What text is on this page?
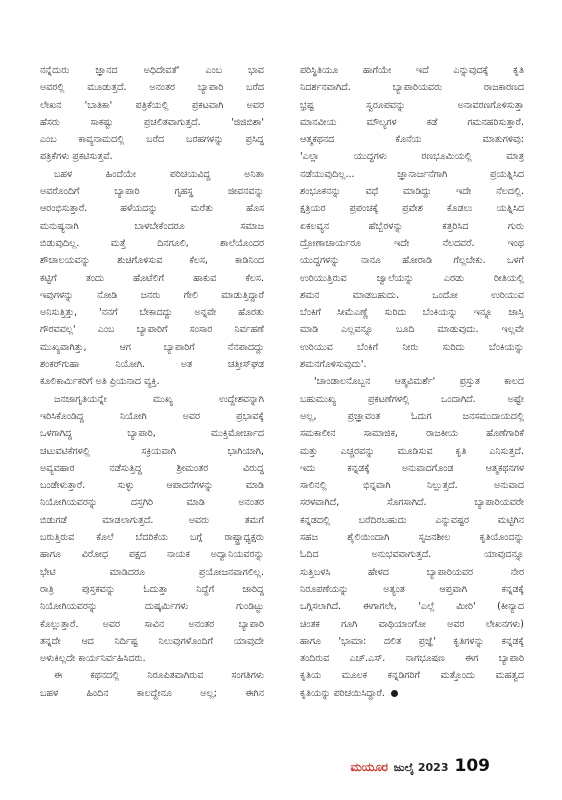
ನನ್ನೆದುರು ಜ್ಞಾನದ ಅಧಿದೇವತೆ' ಎಂಬ ಭಾವ
ಅವರಲ್ಲಿ ಮೂಡುತ್ತದೆ. ಅನಂತರ ಬ್ಯಾಪಾರಿ ಬರೆದ
ಲೇಖನ 'ಬಾತಿಕಾ' ಪತ್ರಿಕೆಯಲ್ಲಿ ಪ್ರಕಟವಾಗಿ ಅವರ
ಹೆಸರು ಸಾಕಷ್ಟು ಪ್ರಚಲಿತವಾಗುತ್ತದೆ. 'ಜಿಜಿಬಿಶಾ'
ಎಂಬ ಕಾವ್ಯನಾಮದಲ್ಲಿ ಬರೆದ ಬರಹಗಳನ್ನು ಪ್ರಸಿದ್ಧ
ಪತ್ರಿಕೆಗಳು ಪ್ರಕಟಿಸುತ್ತವೆ.
ಬಹಳ ಹಿಂದೆಯೇ ಪರಿಚಯವಿದ್ದ ಅನಿತಾ
ಅವರೊಂದಿಗೆ ಬ್ಯಾಪಾರಿ ಗೃಹಸ್ಥ ಜೀವನವನ್ನು
ಆರಂಭಿಸುತ್ತಾರೆ. ಹಳೆಯದನ್ನು ಮರೆತು ಹೊಸ
ಮನುಷ್ಯನಾಗಿ ಬಾಳಬೇಕೆಂದರೂ ಸಮಾಜ
ಬಿಡುವುದಿಲ್ಲ. ಮತ್ತೆ ದಿನಗೂಲಿ, ಶಾಲೆಯೊಂದರ
ಶೌಚಾಲಯವನ್ನು ಶುಚಿಗೊಳಿಸುವ ಕೆಲಸ, ಕಾಡಿನಿಂದ
ಕಟ್ಟಿಗೆ ತಂದು ಹೊಟೆಲಿಗೆ ಹಾಕುವ ಕೆಲಸ.
ಇವುಗಳನ್ನು ನೋಡಿ ಜನರು ಗೇಲಿ ಮಾಡುತ್ತಿದ್ದಾರೆ
ಅನಿಸುತ್ತಿತ್ತು, 'ನನಗೆ ಬೇಕಾದದ್ದು ಅನ್ನವೇ ಹೊರತು
ಗೌರವವಲ್ಲ' ಎಂಬ ಬ್ಯಾಪಾರಿಗೆ ಸಂಸಾರ ನಿರ್ವಹಣೆ
ಮುಖ್ಯವಾಗಿತ್ತು, ಆಗ ಬ್ಯಾಪಾರಿಗೆ ನೆನಪಾದದ್ದು
ಶಂಕರ್‌ಗುಹಾ ನಿಯೋಗಿ. ಅತ ಚತ್ತೀಸ್‌ಘಡ
ಕೂಲಿಕಾರ್ಮಿಕರಿಗೆ ಅತಿ ಪ್ರಿಯನಾದ ವ್ಯಕ್ತಿ.
ಜನಜಾಗೃತಿಯನ್ನೇ ಮುಖ್ಯ ಉದ್ದೇಶವನ್ನಾಗಿ
ಇರಿಸಿಕೊಂಡಿದ್ದ ನಿಯೋಗಿ ಅವರ ಪ್ರಭಾವಕ್ಕೆ
ಒಳಗಾಗಿದ್ದ ಬ್ಯಾಪಾರಿ, ಮುಕ್ತಿಮೋರ್ಚಾದ
ಚಟುವಟಿಕೆಗಳಲ್ಲಿ ಸಕ್ರಿಯವಾಗಿ ಭಾಗಿಯಾಗಿ,
ಅವ್ಯವಹಾರ ನಡೆಸುತ್ತಿದ್ದ ಶ್ರೀಮಂತರ ವಿರುದ್ಧ
ಬಂಡೇಳುತ್ತಾರೆ. ಸುಳ್ಳು ಆಪಾದನೆಗಳನ್ನು ಮಾಡಿ
ನಿಯೋಗಿಯವರನ್ನು ದಸ್ತಗಿರಿ ಮಾಡಿ ಅನಂತರ
ಬಿಡುಗಡೆ ಮಾಡಲಾಗುತ್ತದೆ. ಅವರು ತಮಗೆ
ಬರುತ್ತಿರುವ ಕೊಲೆ ಬೆದರಿಕೆಯ ಬಗ್ಗೆ ರಾಷ್ಟ್ರಾಧ್ಯಕ್ಷರು
ಹಾಗೂ ವಿರೋಧ ಪಕ್ಷದ ನಾಯಕ ಅದ್ವಾನಿಯವರನ್ನು
ಭೇಟಿ ಮಾಡಿದರೂ ಪ್ರಯೋಜನವಾಗಲಿಲ್ಲ.
ರಾತ್ರಿ ಪುಸ್ತಕವನ್ನು ಓದುತ್ತಾ ನಿದ್ದೆಗೆ ಜಾರಿದ್ದ
ನಿಯೋಗಿಯವರನ್ನು ದುಷ್ಕರ್ಮಿಗಳು ಗುಂಡಿಟ್ಟು
ಕೊಲ್ಲುತ್ತಾರೆ. ಅವರ ಸಾವಿನ ಅನಂತರ ಬ್ಯಾಪಾರಿ
ತನ್ನದೇ ಆದ ನಿರ್ದಿಷ್ಟ ನಿಲುವುಗಳೊಂದಿಗೆ ಯಾವುದೇ
ಅಳುಕಿಲ್ಲದೇ ಕಾರ್ಯನಿರ್ವಹಿಸಿದರು.
ಈ ಕಥನದಲ್ಲಿ ನಿರೂಪಿತವಾಗಿರುವ ಸಂಗತಿಗಳು
ಬಹಳ ಹಿಂದಿನ ಕಾಲದ್ದೇನೂ ಅಲ್ಲ; ಈಗಿನ
ಪರಿಸ್ಥಿತಿಯೂ ಹಾಗೆಯೇ ಇದೆ ಎನ್ನುವುದಕ್ಕೆ ಕೃತಿ
ನಿದರ್ಶನವಾಗಿದೆ. ಬ್ಯಾಪಾರಿಯವರು ರಾಜಕಾರಣದ
ಭ್ರಷ್ಟ ಸ್ವರೂಪವನ್ನು ಅನಾವರಣಗೊಳಿಸುತ್ತಾ
ಮಾನವೀಯ ಮೌಲ್ಯಗಳ ಕಡೆ ಗಮನಹರಿಸುತ್ತಾರೆ.
ಆತ್ಮಕಥನದ ಕೊನೆಯ ಮಾತುಗಳಿವು:
'ಎಲ್ಲಾ ಯುದ್ಧಗಳು ರಣಭೂಮಿಯಲ್ಲಿ ಮಾತ್ರ
ನಡೆಯುವುದಿಲ್ಲ... ಜ್ಞಾನಾರ್ಜನೆಗಾಗಿ ಪ್ರಯತ್ನಿಸಿದ
ಶಂಭೂಕನನ್ನು ವಧೆ ಮಾಡಿದ್ದು ಇದೇ ನೆಲದಲ್ಲಿ.
ಕ್ಷತ್ರಿಯರ ಪ್ರಪಂಚಕ್ಕೆ ಪ್ರವೇಶ ಕೊಡಲು ಯತ್ನಿಸಿದ
ಏಕಲವ್ಯನ ಹೆಬ್ಬೆರಳನ್ನು ಕತ್ತರಿಸಿದ ಗುರು
ದ್ರೋಣಾಚಾರ್ಯರೂ ಇದೇ ನೆಲದವರೆ. ಇಂಥ
ಯುದ್ಧಗಳನ್ನು ನಾನೂ ಹೋರಾಡಿ ಗೆಲ್ಲಬೇಕು. ಒಳಗೆ
ಉರಿಯುತ್ತಿರುವ ಜ್ವಾಲೆಯನ್ನು ಎರಡು ರೀತಿಯಲ್ಲಿ
ಶಮನ ಮಾಡಬಹುದು. ಒಂದೋ ಉರಿಯುವ
ಬೆಂಕಿಗೆ ಸೀಮೆಎಣ್ಣೆ ಸುರಿದು ಬೆಂಕಿಯನ್ನು ಇನ್ನೂ ಜಾಸ್ತಿ
ಮಾಡಿ ಎಲ್ಲವನ್ನೂ ಬೂದಿ ಮಾಡುವುದು. ಇಲ್ಲವೇ
ಉರಿಯುವ ಬೆಂಕಿಗೆ ನೀರು ಸುರಿದು ಬೆಂಕಿಯನ್ನು
ಶಮನಗೊಳಿಸುವುದು'.
'ಚಾಂಡಾಲನೊಬ್ಬನ ಆತ್ಮವಿಮರ್ಶೆ' ಪ್ರಸ್ತುತ ಕಾಲದ
ಬಹುಮುಖ್ಯ ಪ್ರಕಟಣೆಗಳಲ್ಲಿ ಒಂದಾಗಿದೆ. ಅಷ್ಟೇ
ಅಲ್ಲ, ಪ್ರಜ್ಞಾವಂತ ಓದುಗ ಜನಸಮುದಾಯದಲ್ಲಿ
ಸಮಕಾಲೀನ ಸಾಮಾಜಿಕ, ರಾಜಕೀಯ ಹೊಣೆಗಾರಿಕೆ
ಮತ್ತು ಎಚ್ಚರವನ್ನು ಮೂಡಿಸುವ ಕೃತಿ ಎನಿಸುತ್ತದೆ.
ಇದು ಕನ್ನಡಕ್ಕೆ ಅನುವಾದಗೊಂಡ ಆತ್ಮಕಥನಗಳ
ಸಾಲಿನಲ್ಲಿ ಭಿನ್ನವಾಗಿ ನಿಲ್ಲುತ್ತದೆ. ಅನುವಾದ
ಸರಳವಾಗಿದೆ, ಸೊಗಸಾಗಿದೆ. ಬ್ಯಾಪಾರಿಯವರೇ
ಕನ್ನಡದಲ್ಲಿ ಬರೆದಿರಬಹುದು ಎನ್ನುವಷ್ಟರ ಮಟ್ಟಿಗಿನ
ಸಹಜ ಶೈಲಿಯಿಂದಾಗಿ ಸೃಜನಶೀಲ ಕೃತಿಯೊಂದನ್ನು
ಓದಿದ ಅನುಭವವಾಗುತ್ತದೆ. ಯಾವುದನ್ನೂ
ಸುತ್ತಿಬಳಸಿ ಹೇಳದ ಬ್ಯಾಪಾರಿಯವರ ನೇರ
ನಿರೂಪಣೆಯನ್ನು ಅತ್ಯಂತ ಆಪ್ತವಾಗಿ ಕನ್ನಡಕ್ಕೆ
ಒಗ್ಗಿಸಲಾಗಿದೆ. ಈಗಾಗಲೇ, 'ಎಲ್ಲೆ ಮೀರಿ' (ಕೀನ್ಯಾದ
ಚಿಂತಕ ಗೂಗಿ ವಾಥಿಯಾಂಗೋ ಅವರ ಲೇಖನಗಳು)
ಹಾಗೂ 'ಭಾಮಾ: ದಲಿತ ಪ್ರಜ್ಞೆ' ಕೃತಿಗಳನ್ನು ಕನ್ನಡಕ್ಕೆ
ತಂದಿರುವ ಎಚ್.ಎಸ್. ನಾಗಭೂಷಣ ಈಗ ಬ್ಯಾಪಾರಿ
ಕೃತಿಯ ಮೂಲಕ ಕನ್ನಡಿಗರಿಗೆ ಮತ್ತೊಂದು ಮಹತ್ವದ
ಕೃತಿಯನ್ನು ಪರಿಚಯಿಸಿದ್ದಾರೆ.
ಮಯೂರ ಜುಲೈ 2023 109
